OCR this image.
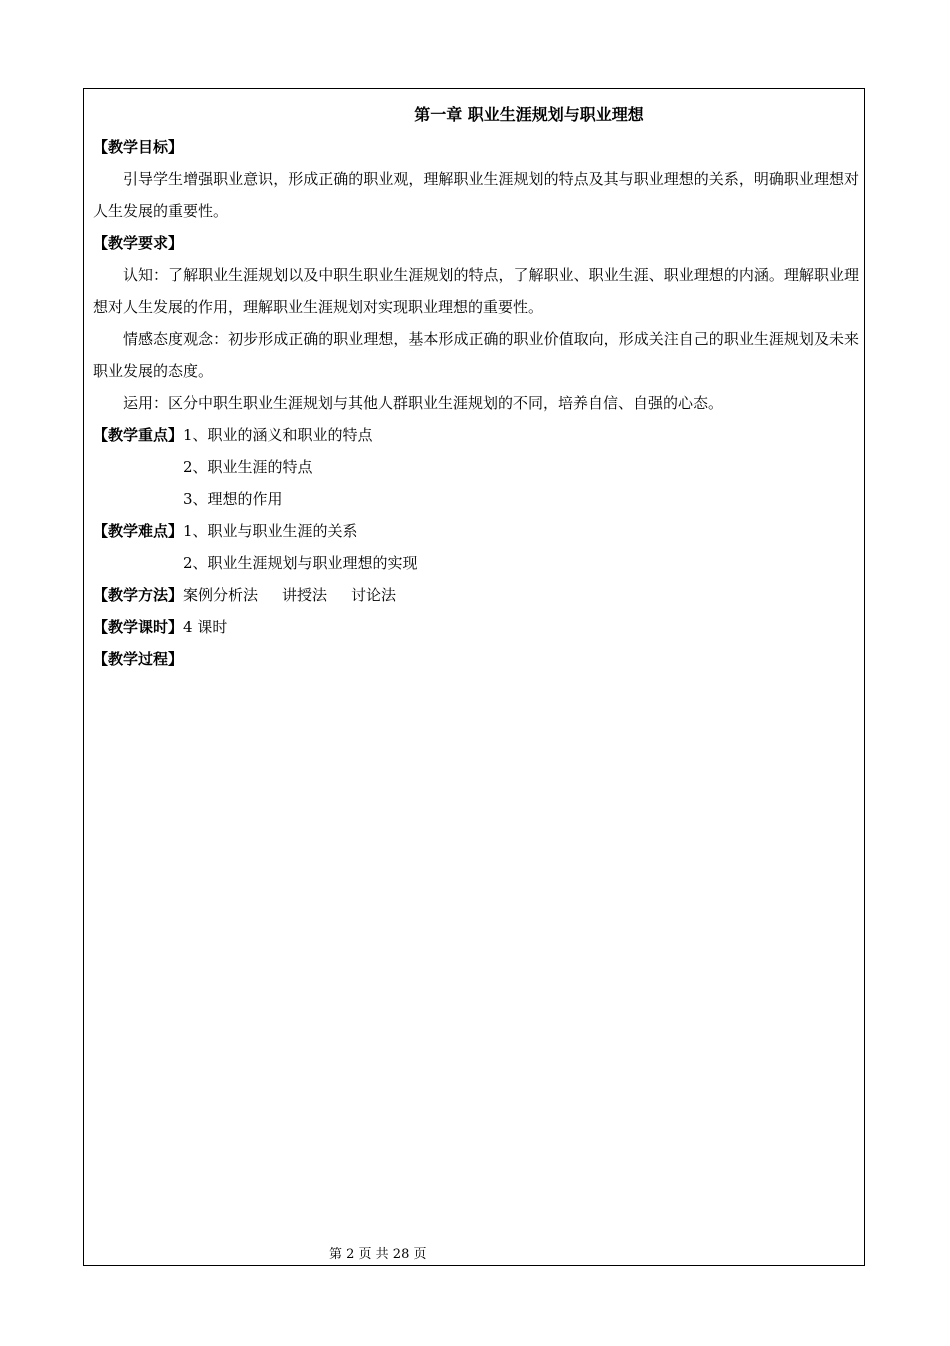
第一章 职业生涯规划与职业理想
【教学目标】
引导学生增强职业意识，形成正确的职业观，理解职业生涯规划的特点及其与职业理想的关系，明确职业理想对人生发展的重要性。
【教学要求】
认知：了解职业生涯规划以及中职生职业生涯规划的特点，了解职业、职业生涯、职业理想的内涵。理解职业理想对人生发展的作用，理解职业生涯规划对实现职业理想的重要性。
情感态度观念：初步形成正确的职业理想，基本形成正确的职业价值取向，形成关注自己的职业生涯规划及未来职业发展的态度。
运用：区分中职生职业生涯规划与其他人群职业生涯规划的不同，培养自信、自强的心态。
【教学重点】1、职业的涵义和职业的特点
2、职业生涯的特点
3、理想的作用
【教学难点】1、职业与职业生涯的关系
2、职业生涯规划与职业理想的实现
【教学方法】案例分析法 讲授法 讨论法
【教学课时】4 课时
【教学过程】
第 2 页 共 28 页
